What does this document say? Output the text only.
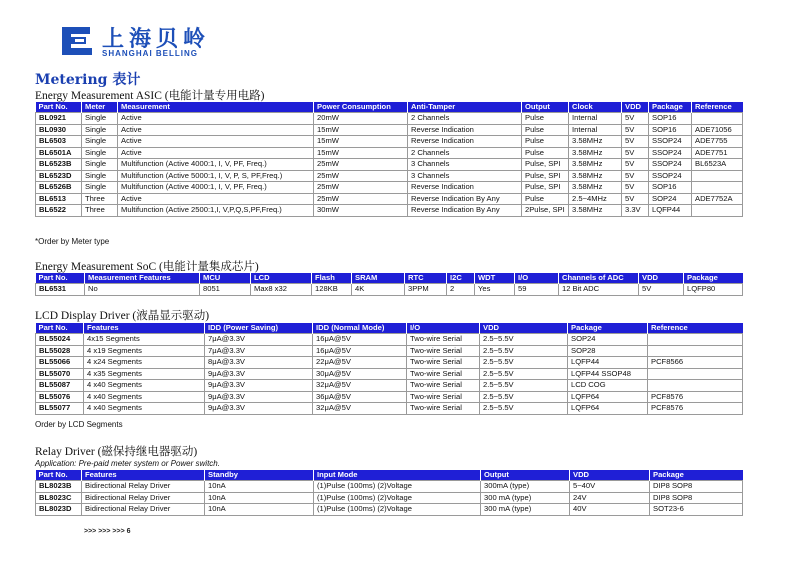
上海贝岭
SHANGHAI BELLING
Metering 表计
Energy Measurement ASIC (电能计量专用电路)
Part No.	Meter	Measurement	Power Consumption	Anti-Tamper	Output	Clock	VDD	Package	Reference
BL0921	Single	Active	20mW	2 Channels	Pulse	Internal	5V	SOP16	
BL0930	Single	Active	15mW	Reverse Indication	Pulse	Internal	5V	SOP16	ADE71056
BL6503	Single	Active	15mW	Reverse Indication	Pulse	3.58MHz	5V	SSOP24	ADE7755
BL6501A	Single	Active	15mW	2 Channels	Pulse	3.58MHz	5V	SSOP24	ADE7751
BL6523B	Single	Multifunction (Active 4000:1, I, V, PF, Freq.)	25mW	3 Channels	Pulse, SPI	3.58MHz	5V	SSOP24	BL6523A
BL6523D	Single	Multifunction (Active 5000:1, I, V, P, S, PF,Freq.)	25mW	3 Channels	Pulse, SPI	3.58MHz	5V	SSOP24	
BL6526B	Single	Multifunction (Active 4000:1, I, V, PF, Freq.)	25mW	Reverse Indication	Pulse, SPI	3.58MHz	5V	SOP16	
BL6513	Three	Active	25mW	Reverse Indication By Any	Pulse	2.5~4MHz	5V	SOP24	ADE7752A
BL6522	Three	Multifunction (Active 2500:1,I, V,P,Q,S,PF,Freq.)	30mW	Reverse Indication By Any	2Pulse, SPI	3.58MHz	3.3V	LQFP44	
*Order by Meter type
Energy Measurement SoC (电能计量集成芯片)
Part No.	Measurement Features	MCU	LCD	Flash	SRAM	RTC	I2C	WDT	I/O	Channels of ADC	VDD	Package
BL6531	No	8051	Max8 x32	128KB	4K	3PPM	2	Yes	59	12 Bit ADC	5V	LQFP80
LCD Display Driver (液晶显示驱动)
Part No.	Features	IDD (Power Saving)	IDD (Normal Mode)	I/O	VDD	Package	Reference
BL55024	4x15 Segments	7μA@3.3V	16μA@5V	Two-wire Serial	2.5~5.5V	SOP24	
BL55028	4 x19 Segments	7μA@3.3V	16μA@5V	Two-wire Serial	2.5~5.5V	SOP28	
BL55066	4 x24 Segments	8μA@3.3V	22μA@5V	Two-wire Serial	2.5~5.5V	LQFP44	PCF8566
BL55070	4 x35 Segments	9μA@3.3V	30μA@5V	Two-wire Serial	2.5~5.5V	LQFP44 SSOP48	
BL55087	4 x40 Segments	9μA@3.3V	32μA@5V	Two-wire Serial	2.5~5.5V	LCD COG	
BL55076	4 x40 Segments	9μA@3.3V	36μA@5V	Two-wire Serial	2.5~5.5V	LQFP64	PCF8576
BL55077	4 x40 Segments	9μA@3.3V	32μA@5V	Two-wire Serial	2.5~5.5V	LQFP64	PCF8576
Order by LCD Segments
Relay Driver (磁保持继电器驱动)
Application: Pre-paid meter system or Power switch.
Part No.	Features	Standby	Input Mode	Output	VDD	Package
BL8023B	Bidirectional Relay Driver	10nA	(1)Pulse (100ms) (2)Voltage	300mA (type)	5~40V	DIP8 SOP8
BL8023C	Bidirectional Relay Driver	10nA	(1)Pulse (100ms) (2)Voltage	300 mA (type)	24V	DIP8 SOP8
BL8023D	Bidirectional Relay Driver	10nA	(1)Pulse (100ms) (2)Voltage	300 mA (type)	40V	SOT23-6
>>> >>> >>> 6
